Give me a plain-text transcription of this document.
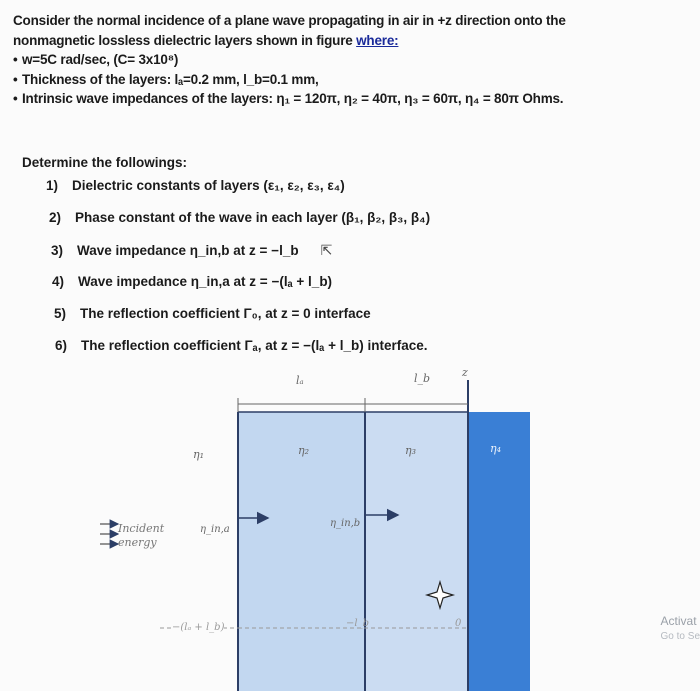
Consider the normal incidence of a plane wave propagating in air in +z direction onto the
nonmagnetic lossless dielectric layers shown in figure where:
• w=5C rad/sec, (C= 3x10⁸)
• Thickness of the layers: lₐ=0.2 mm, l_b=0.1 mm,
• Intrinsic wave impedances of the layers: η₁ = 120π, η₂ = 40π, η₃ = 60π, η₄ = 80π Ohms.
Determine the followings:
1) Dielectric constants of layers (ε₁, ε₂, ε₃, ε₄)
2) Phase constant of the wave in each layer (β₁, β₂, β₃, β₄)
3) Wave impedance η_in,b at z = −l_b ⇱
4) Wave impedance η_in,a at z = −(lₐ + l_b)
5) The reflection coefficient Γ₀, at z = 0 interface
6) The reflection coefficient Γₐ, at z = −(lₐ + l_b) interface.
lₐ	l_b	z
η₁	η₂	η₃	η₄
Incident energy
η_in,a
η_in,b
−(lₐ + l_b)	−l_b	0	Activat
Go to Se
